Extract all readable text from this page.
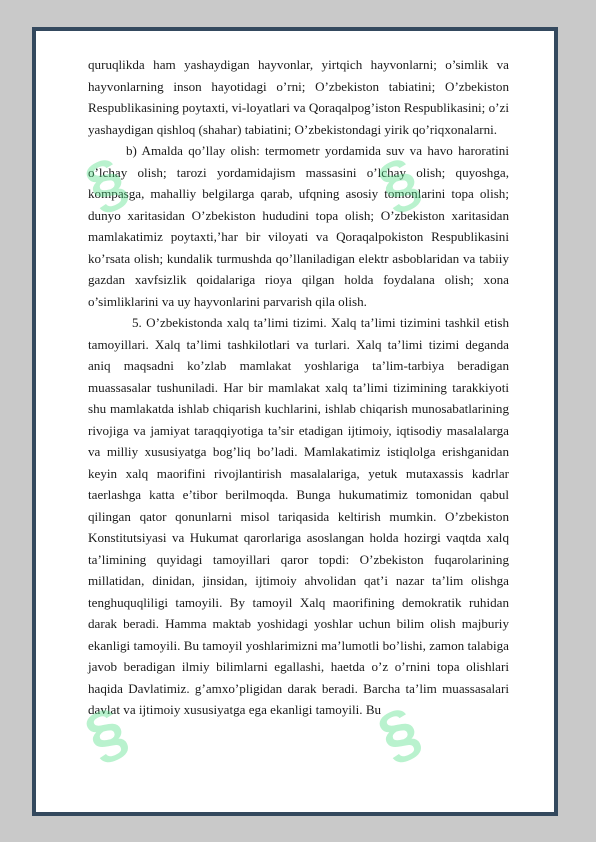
quruqlikda ham yashaydigan hayvonlar, yirtqich hayvonlarni; o’simlik va hayvonlarning inson hayotidagi o’rni; O’zbekiston tabiatini; O’zbekiston Respublikasining poytaxti, vi-loyatlari va Qoraqalpog’iston Respublikasini; o’zi yashaydigan qishloq (shahar) tabiatini; O’zbekistondagi yirik qo’riqxonalarni.

b) Amalda qo’llay olish: termometr yordamida suv va havo haroratini o’lchay olish; tarozi yordamidajism massasini o’lchay olish; quyoshga, kompasga, mahalliy belgilarga qarab, ufqning asosiy tomonlarini topa olish; dunyo xaritasidan O’zbekiston hududini topa olish; O’zbekiston xaritasidan mamlakatimiz poytaxti,’har bir viloyati va Qoraqalpokiston Respublikasini ko’rsata olish; kundalik turmushda qo’llaniladigan elektr asboblaridan va tabiiy gazdan xavfsizlik qoidalariga rioya qilgan holda foydalana olish; xona o’simliklarini va uy hayvonlarini parvarish qila olish.

5. O’zbekistonda xalq ta’limi tizimi. Xalq ta’limi tizimini tashkil etish tamoyillari. Xalq ta’limi tashkilotlari va turlari. Xalq ta’limi tizimi deganda aniq maqsadni ko’zlab mamlakat yoshlariga ta’lim-tarbiya beradigan muassasalar tushuniladi. Har bir mamlakat xalq ta’limi tizimining tarakkiyoti shu mamlakatda ishlab chiqarish kuchlarini, ishlab chiqarish munosabatlarining rivojiga va jamiyat taraqqiyotiga ta’sir etadigan ijtimoiy, iqtisodiy masalalarga va milliy xususiyatga bog’liq bo’ladi. Mamlakatimiz istiqlolga erishganidan keyin xalq maorifini rivojlantirish masalalariga, yetuk mutaxassis kadrlar taerlashga katta e’tibor berilmoqda. Bunga hukumatimiz tomonidan qabul qilingan qator qonunlarni misol tariqasida keltirish mumkin. O’zbekiston Konstitutsiyasi va Hukumat qarorlariga asoslangan holda hozirgi vaqtda xalq ta’limining quyidagi tamoyillari qaror topdi: O’zbekiston fuqarolarining millatidan, dinidan, jinsidan, ijtimoiy ahvolidan qat’i nazar ta’lim olishga tenghuquqliligi tamoyili. By tamoyil Xalq maorifining demokratik ruhidan darak beradi. Hamma maktab yoshidagi yoshlar uchun bilim olish majburiy ekanligi tamoyili. Bu tamoyil yoshlarimizni ma’lumotli bo’lishi, zamon talabiga javob beradigan ilmiy bilimlarni egallashi, haetda o’z o’rnini topa olishlari haqida Davlatimiz. g’amxo’pligidan darak beradi. Barcha ta’lim muassasalari davlat va ijtimoiy xususiyatga ega ekanligi tamoyili. Bu

§	§
§	§
